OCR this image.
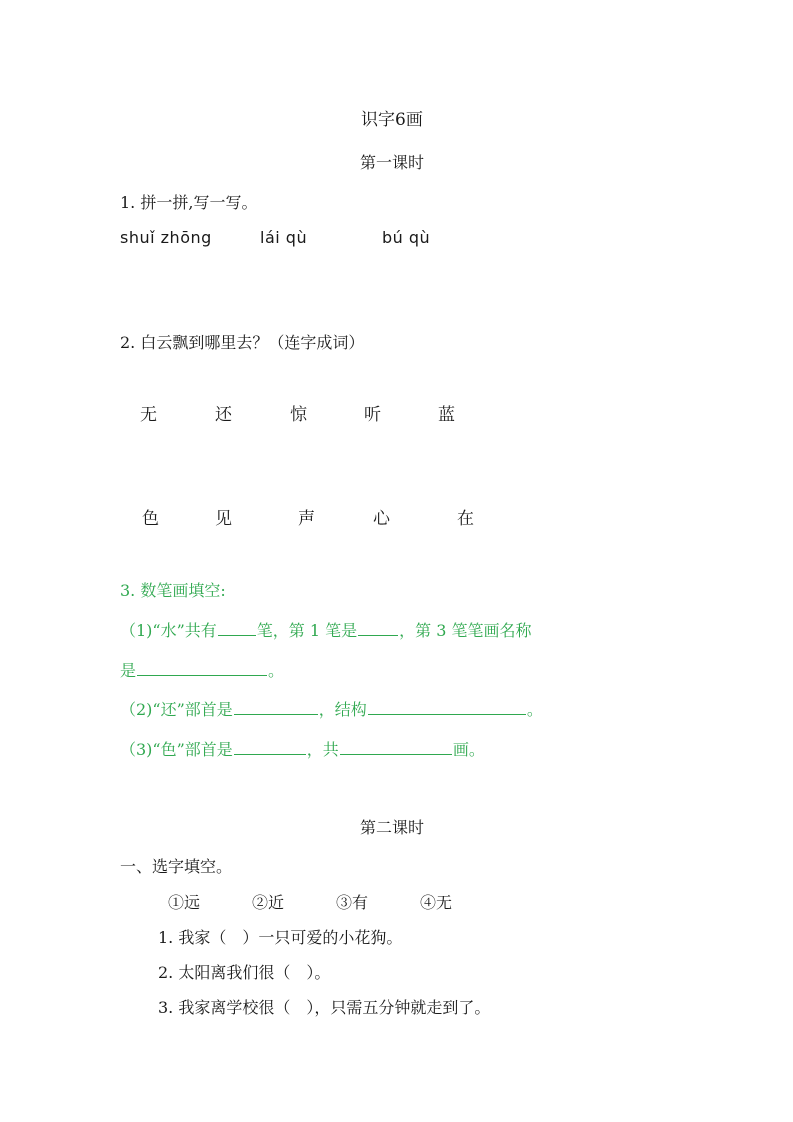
识字6画
第一课时
1. 拼一拼,写一写。
shuǐ zhōng	lái qù	bú qù
2. 白云飘到哪里去？（连字成词）
无	还	惊	听	蓝
色	见	声	心	在
3. 数笔画填空:
（1)“水”共有	笔，第 1 笔是	，第 3 笔笔画名称
是	。
（2)“还”部首是	，结构	。
（3)“色”部首是	，共	画。
第二课时
一、选字填空。
①远	②近	③有	④无
1. 我家（　）一只可爱的小花狗。
2. 太阳离我们很（　）。
3. 我家离学校很（　），只需五分钟就走到了。
